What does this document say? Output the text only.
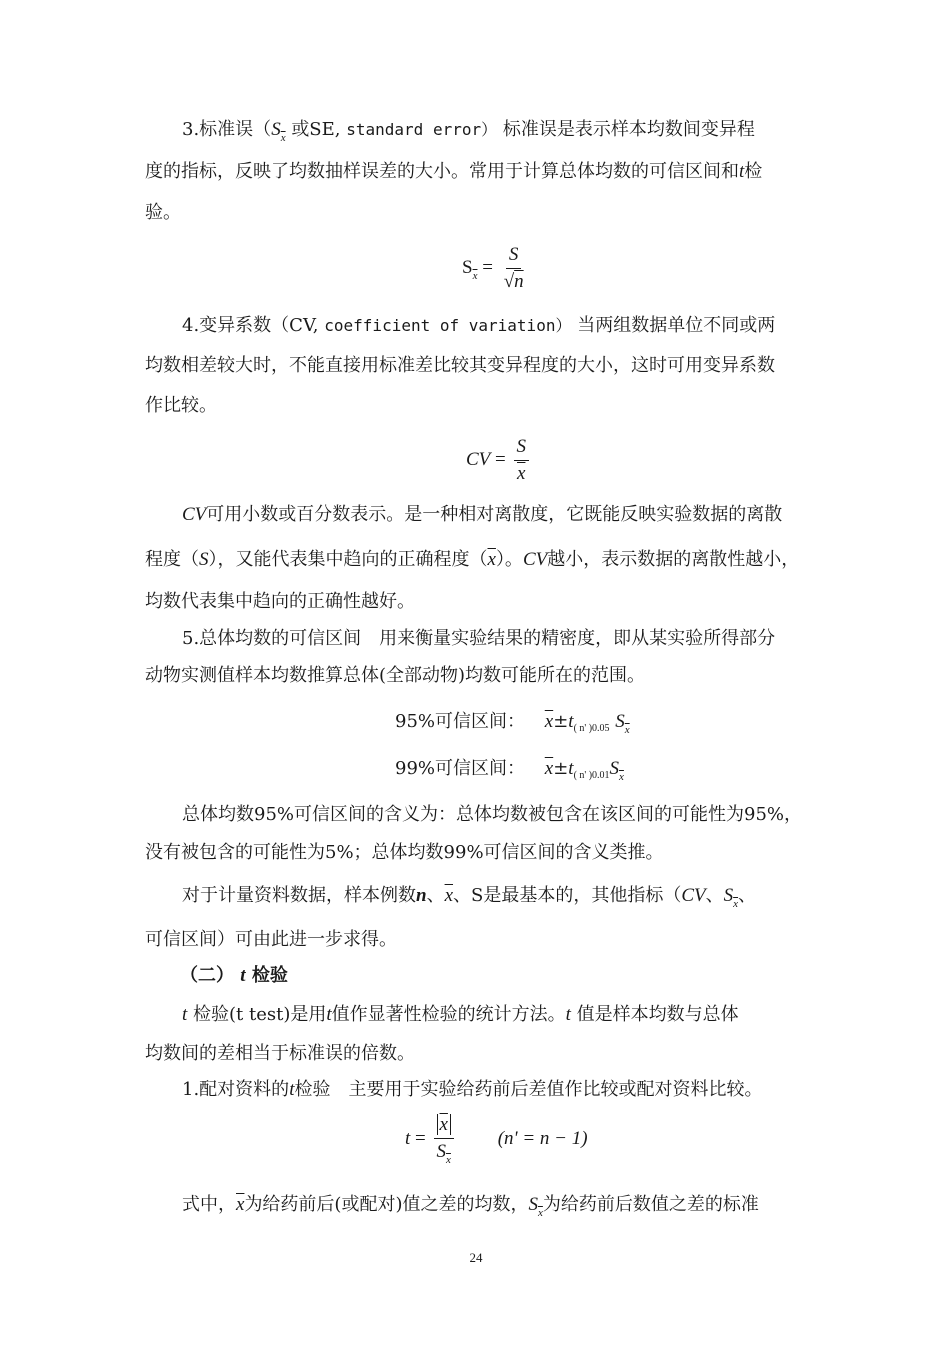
3.标准误（$S_{\overline{x}}$ 或SE, standard error） 标准误是表示样本均数间变异程
度的指标，反映了均数抽样误差的大小。常用于计算总体均数的可信区间和t检
验。
$S_{\overline{x}} = \frac{S}{√n}$
4.变异系数（CV, coefficient of variation） 当两组数据单位不同或两
均数相差较大时，不能直接用标准差比较其变异程度的大小，这时可用变异系数
作比较。
CV = $\frac{S}{x}$
CV可用小数或百分数表示。是一种相对离散度，它既能反映实验数据的离散
程度（S），又能代表集中趋向的正确程度$(\overline{x})$。CV越小，表示数据的离散性越小，
均数代表集中趋向的正确性越好。
5.总体均数的可信区间　用来衡量实验结果的精密度，即从某实验所得部分
动物实测值样本均数推算总体(全部动物)均数可能所在的范围。
95%可信区间： $\overline{x}\pm t_{( n' )0.05}$ $S_{\overline{x}}$
99%可信区间： $\overline{x}\pm t_{( n' )0.01}S_{\overline{x}}$
总体均数95%可信区间的含义为：总体均数被包含在该区间的可能性为95%，
没有被包含的可能性为5%；总体均数99%可信区间的含义类推。
对于计量资料数据，样本例数n、$\overline{x}$、S是最基本的，其他指标（CV、$S_{\overline{x}}$、
可信区间）可由此进一步求得。
（二） t 检验
t 检验(t test)是用t值作显著性检验的统计方法。t 值是样本均数与总体
均数间的差相当于标准误的倍数。
1.配对资料的t检验　主要用于实验给药前后差值作比较或配对资料比较。
$t = \frac{\overline{x}}{S_{\overline{x}}} (n' = n - 1)$
式中，$\overline{x}$为给药前后(或配对)值之差的均数，$S_{\overline{x}}$为给药前后数值之差的标准
24
